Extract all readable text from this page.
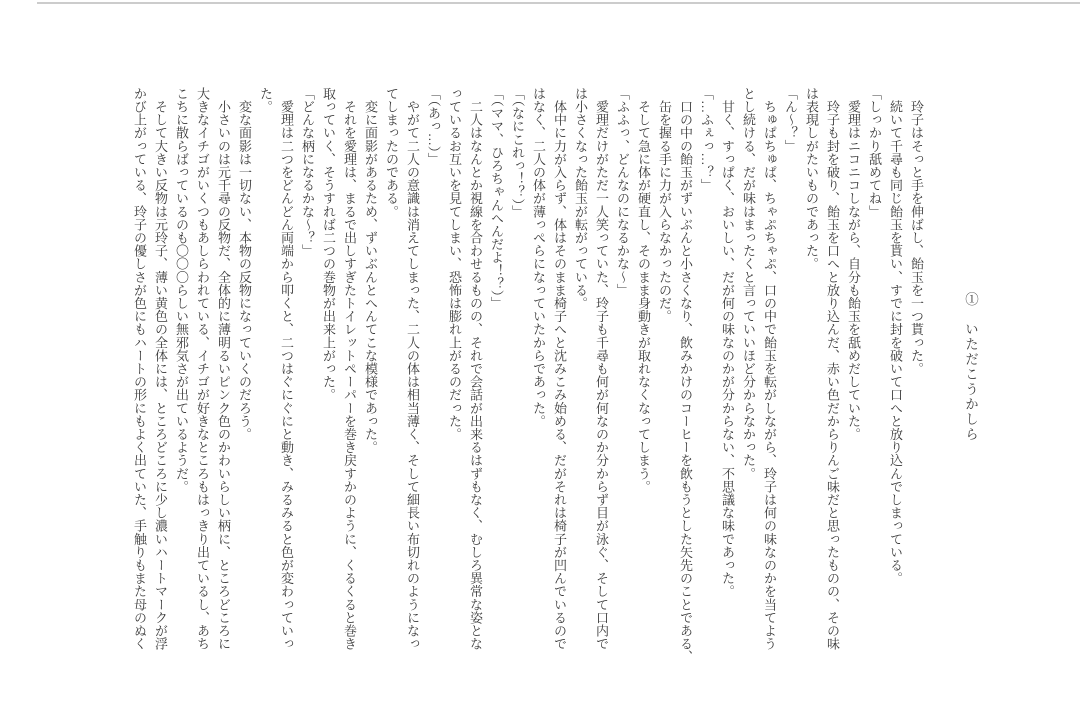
①　いただこうかしら
　玲子はそっと手を伸ばし、飴玉を一つ貰った。
　続いて千尋も同じ飴玉を貰い、すでに封を破いて口へと放り込んでしまっている。
「しっかり舐めてね」
　愛理はニコニコしながら、自分も飴玉を舐めだしていた。
　玲子も封を破り、飴玉を口へと放り込んだ、赤い色だからりんご味だと思ったものの、その味
は表現しがたいものであった。
「ん〜？」
　ちゅぱちゅぱ、ちゃぷちゃぷ、口の中で飴玉を転がしながら、玲子は何の味なのかを当てよう
とし続ける、だが味はまったくと言っていいほど分からなかった。
　甘く、すっぱく、おいしい、だが何の味なのかが分からない、不思議な味であった。
「…ふぇっ…？」
　口の中の飴玉がずいぶんと小さくなり、飲みかけのコーヒーを飲もうとした矢先のことである、
　缶を握る手に力が入らなかったのだ。
　そして急に体が硬直し、そのまま身動きが取れなくなってしまう。
「ふふっ、どんなのになるかな〜」
　愛理だけがただ一人笑っていた、玲子も千尋も何が何なのか分からず目が泳ぐ、そして口内で
は小さくなった飴玉が転がっている。
　体中に力が入らず、体はそのまま椅子へと沈みこみ始める、だがそれは椅子が凹んでいるので
はなく、二人の体が薄っぺらになっていたからであった。
「（なにこれっ！？）」
「（ママ、ひろちゃんへんだよ！？）」
　二人はなんとか視線を合わせるものの、それで会話が出来るはずもなく、むしろ異常な姿とな
っているお互いを見てしまい、恐怖は膨れ上がるのだった。
「（あっ…）」
　やがて二人の意識は消えてしまった、二人の体は相当薄く、そして細長い布切れのようになっ
てしまったのである。
　変に面影があるため、ずいぶんとへんてこな模様であった。
　それを愛理は、まるで出しすぎたトイレットペーパーを巻き戻すかのように、くるくると巻き
取っていく、そうすれば二つの巻物が出来上がった。
「どんな柄になるかな〜？」
　愛理は二つをどんどん両端から叩くと、二つはぐにぐにと動き、みるみると色が変わっていっ
た。
　変な面影は一切ない、本物の反物になっていくのだろう。
　小さいのは元千尋の反物だ、全体的に薄明るいピンク色のかわいらしい柄に、ところどころに
大きなイチゴがいくつもあしらわれている、イチゴが好きなところもはっきり出ているし、あち
こちに散らばっているのも〇〇〇らしい無邪気さが出ているようだ。
　そして大きい反物は元玲子、薄い黄色の全体には、ところどころに少し濃いハートマークが浮
かび上がっている、玲子の優しさが色にもハートの形にもよく出ていた、手触りもまた母のぬく
